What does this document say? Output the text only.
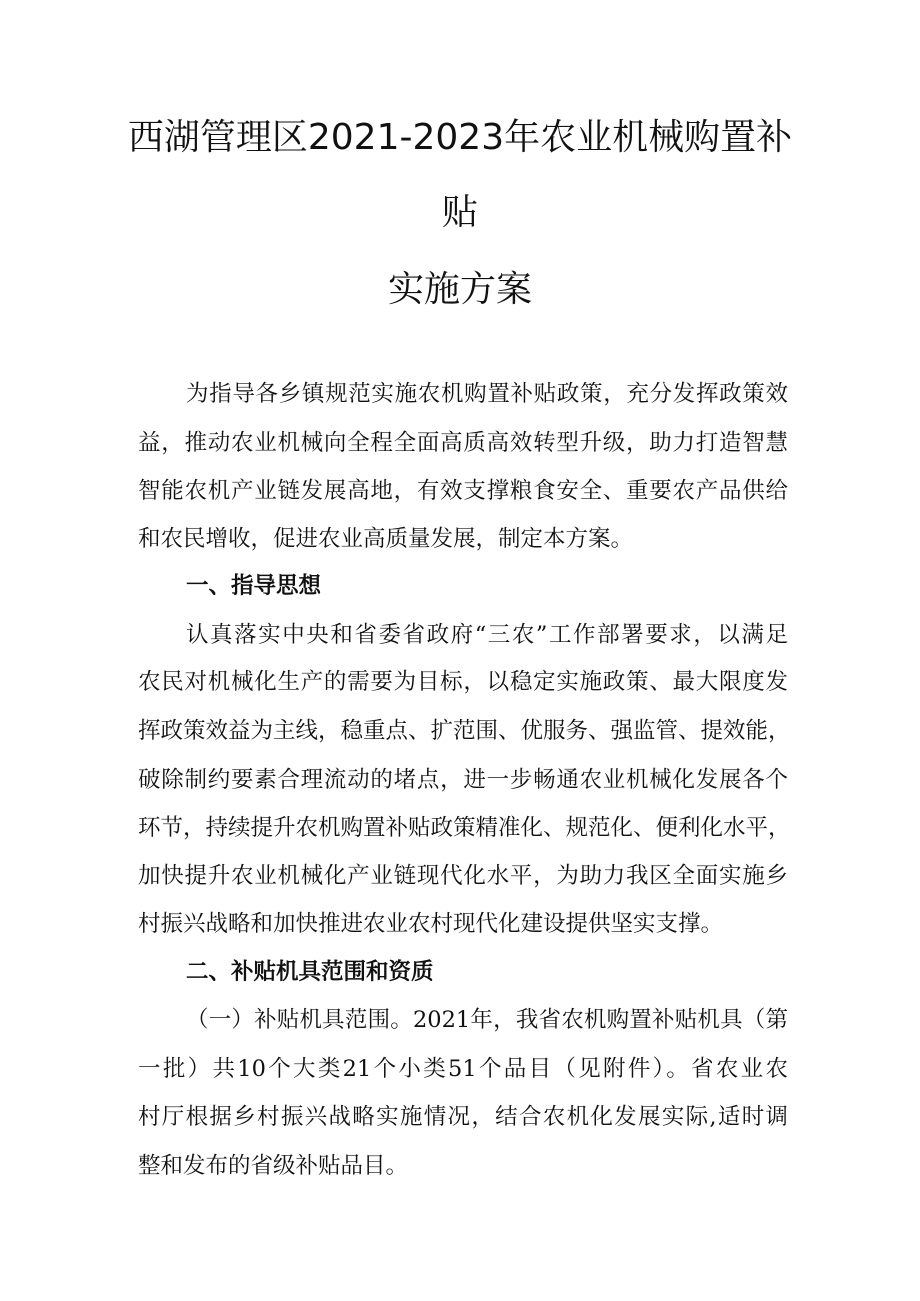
西湖管理区2021-2023年农业机械购置补
贴
实施方案
为指导各乡镇规范实施农机购置补贴政策，充分发挥政策效
益，推动农业机械向全程全面高质高效转型升级，助力打造智慧
智能农机产业链发展高地，有效支撑粮食安全、重要农产品供给
和农民增收，促进农业高质量发展，制定本方案。
一、指导思想
认真落实中央和省委省政府“三农”工作部署要求，以满足
农民对机械化生产的需要为目标，以稳定实施政策、最大限度发
挥政策效益为主线，稳重点、扩范围、优服务、强监管、提效能，
破除制约要素合理流动的堵点，进一步畅通农业机械化发展各个
环节，持续提升农机购置补贴政策精准化、规范化、便利化水平，
加快提升农业机械化产业链现代化水平，为助力我区全面实施乡
村振兴战略和加快推进农业农村现代化建设提供坚实支撑。
二、补贴机具范围和资质
（一）补贴机具范围。2021年，我省农机购置补贴机具（第
一批）共10个大类21个小类51个品目（见附件）。省农业农
村厅根据乡村振兴战略实施情况，结合农机化发展实际,适时调
整和发布的省级补贴品目。
